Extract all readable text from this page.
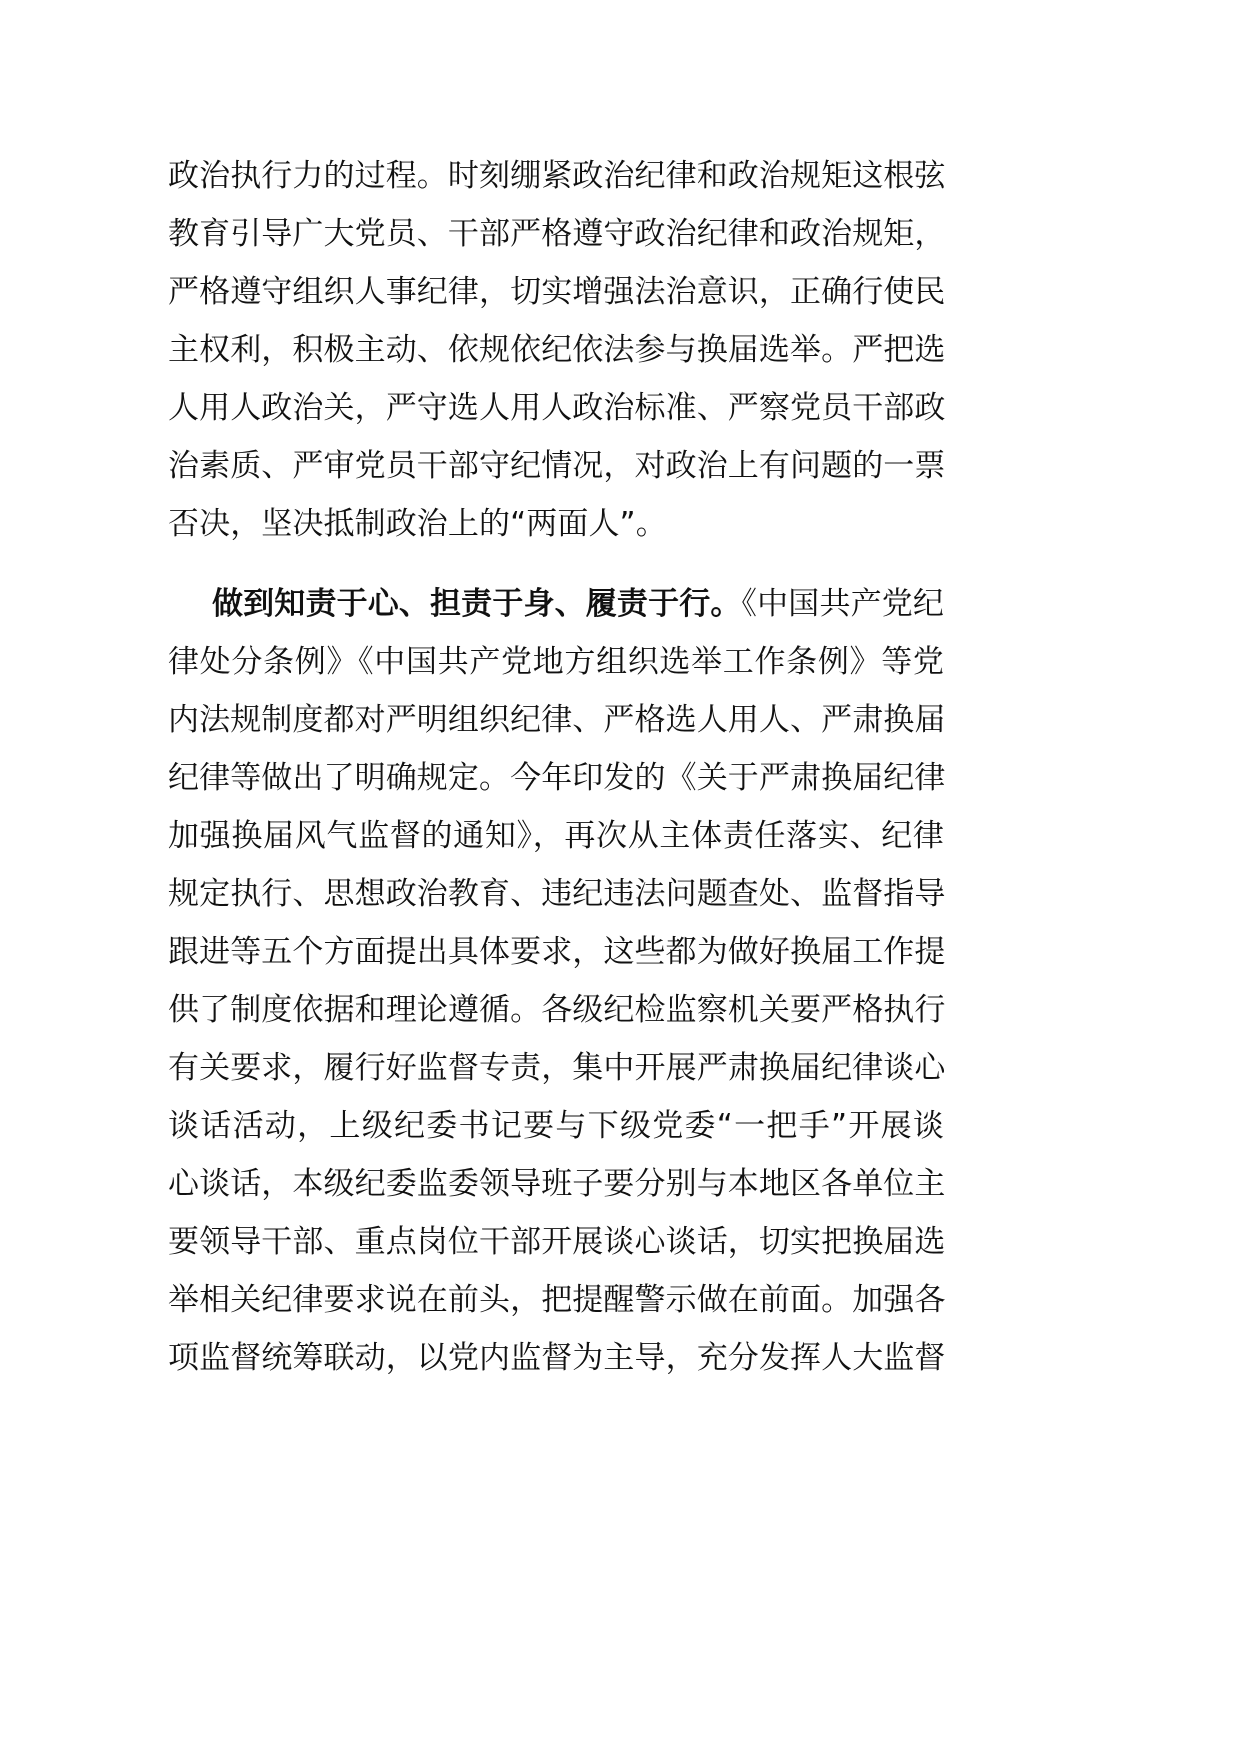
政治执行力的过程。时刻绷紧政治纪律和政治规矩这根弦
教育引导广大党员、干部严格遵守政治纪律和政治规矩，
严格遵守组织人事纪律，切实增强法治意识，正确行使民
主权利，积极主动、依规依纪依法参与换届选举。严把选
人用人政治关，严守选人用人政治标准、严察党员干部政
治素质、严审党员干部守纪情况，对政治上有问题的一票
否决，坚决抵制政治上的“两面人”。
做到知责于心、担责于身、履责于行。《中国共产党纪
律处分条例》《中国共产党地方组织选举工作条例》等党
内法规制度都对严明组织纪律、严格选人用人、严肃换届
纪律等做出了明确规定。今年印发的《关于严肃换届纪律
加强换届风气监督的通知》，再次从主体责任落实、纪律
规定执行、思想政治教育、违纪违法问题查处、监督指导
跟进等五个方面提出具体要求，这些都为做好换届工作提
供了制度依据和理论遵循。各级纪检监察机关要严格执行
有关要求，履行好监督专责，集中开展严肃换届纪律谈心
谈话活动，上级纪委书记要与下级党委“一把手”开展谈
心谈话，本级纪委监委领导班子要分别与本地区各单位主
要领导干部、重点岗位干部开展谈心谈话，切实把换届选
举相关纪律要求说在前头，把提醒警示做在前面。加强各
项监督统筹联动，以党内监督为主导，充分发挥人大监督
